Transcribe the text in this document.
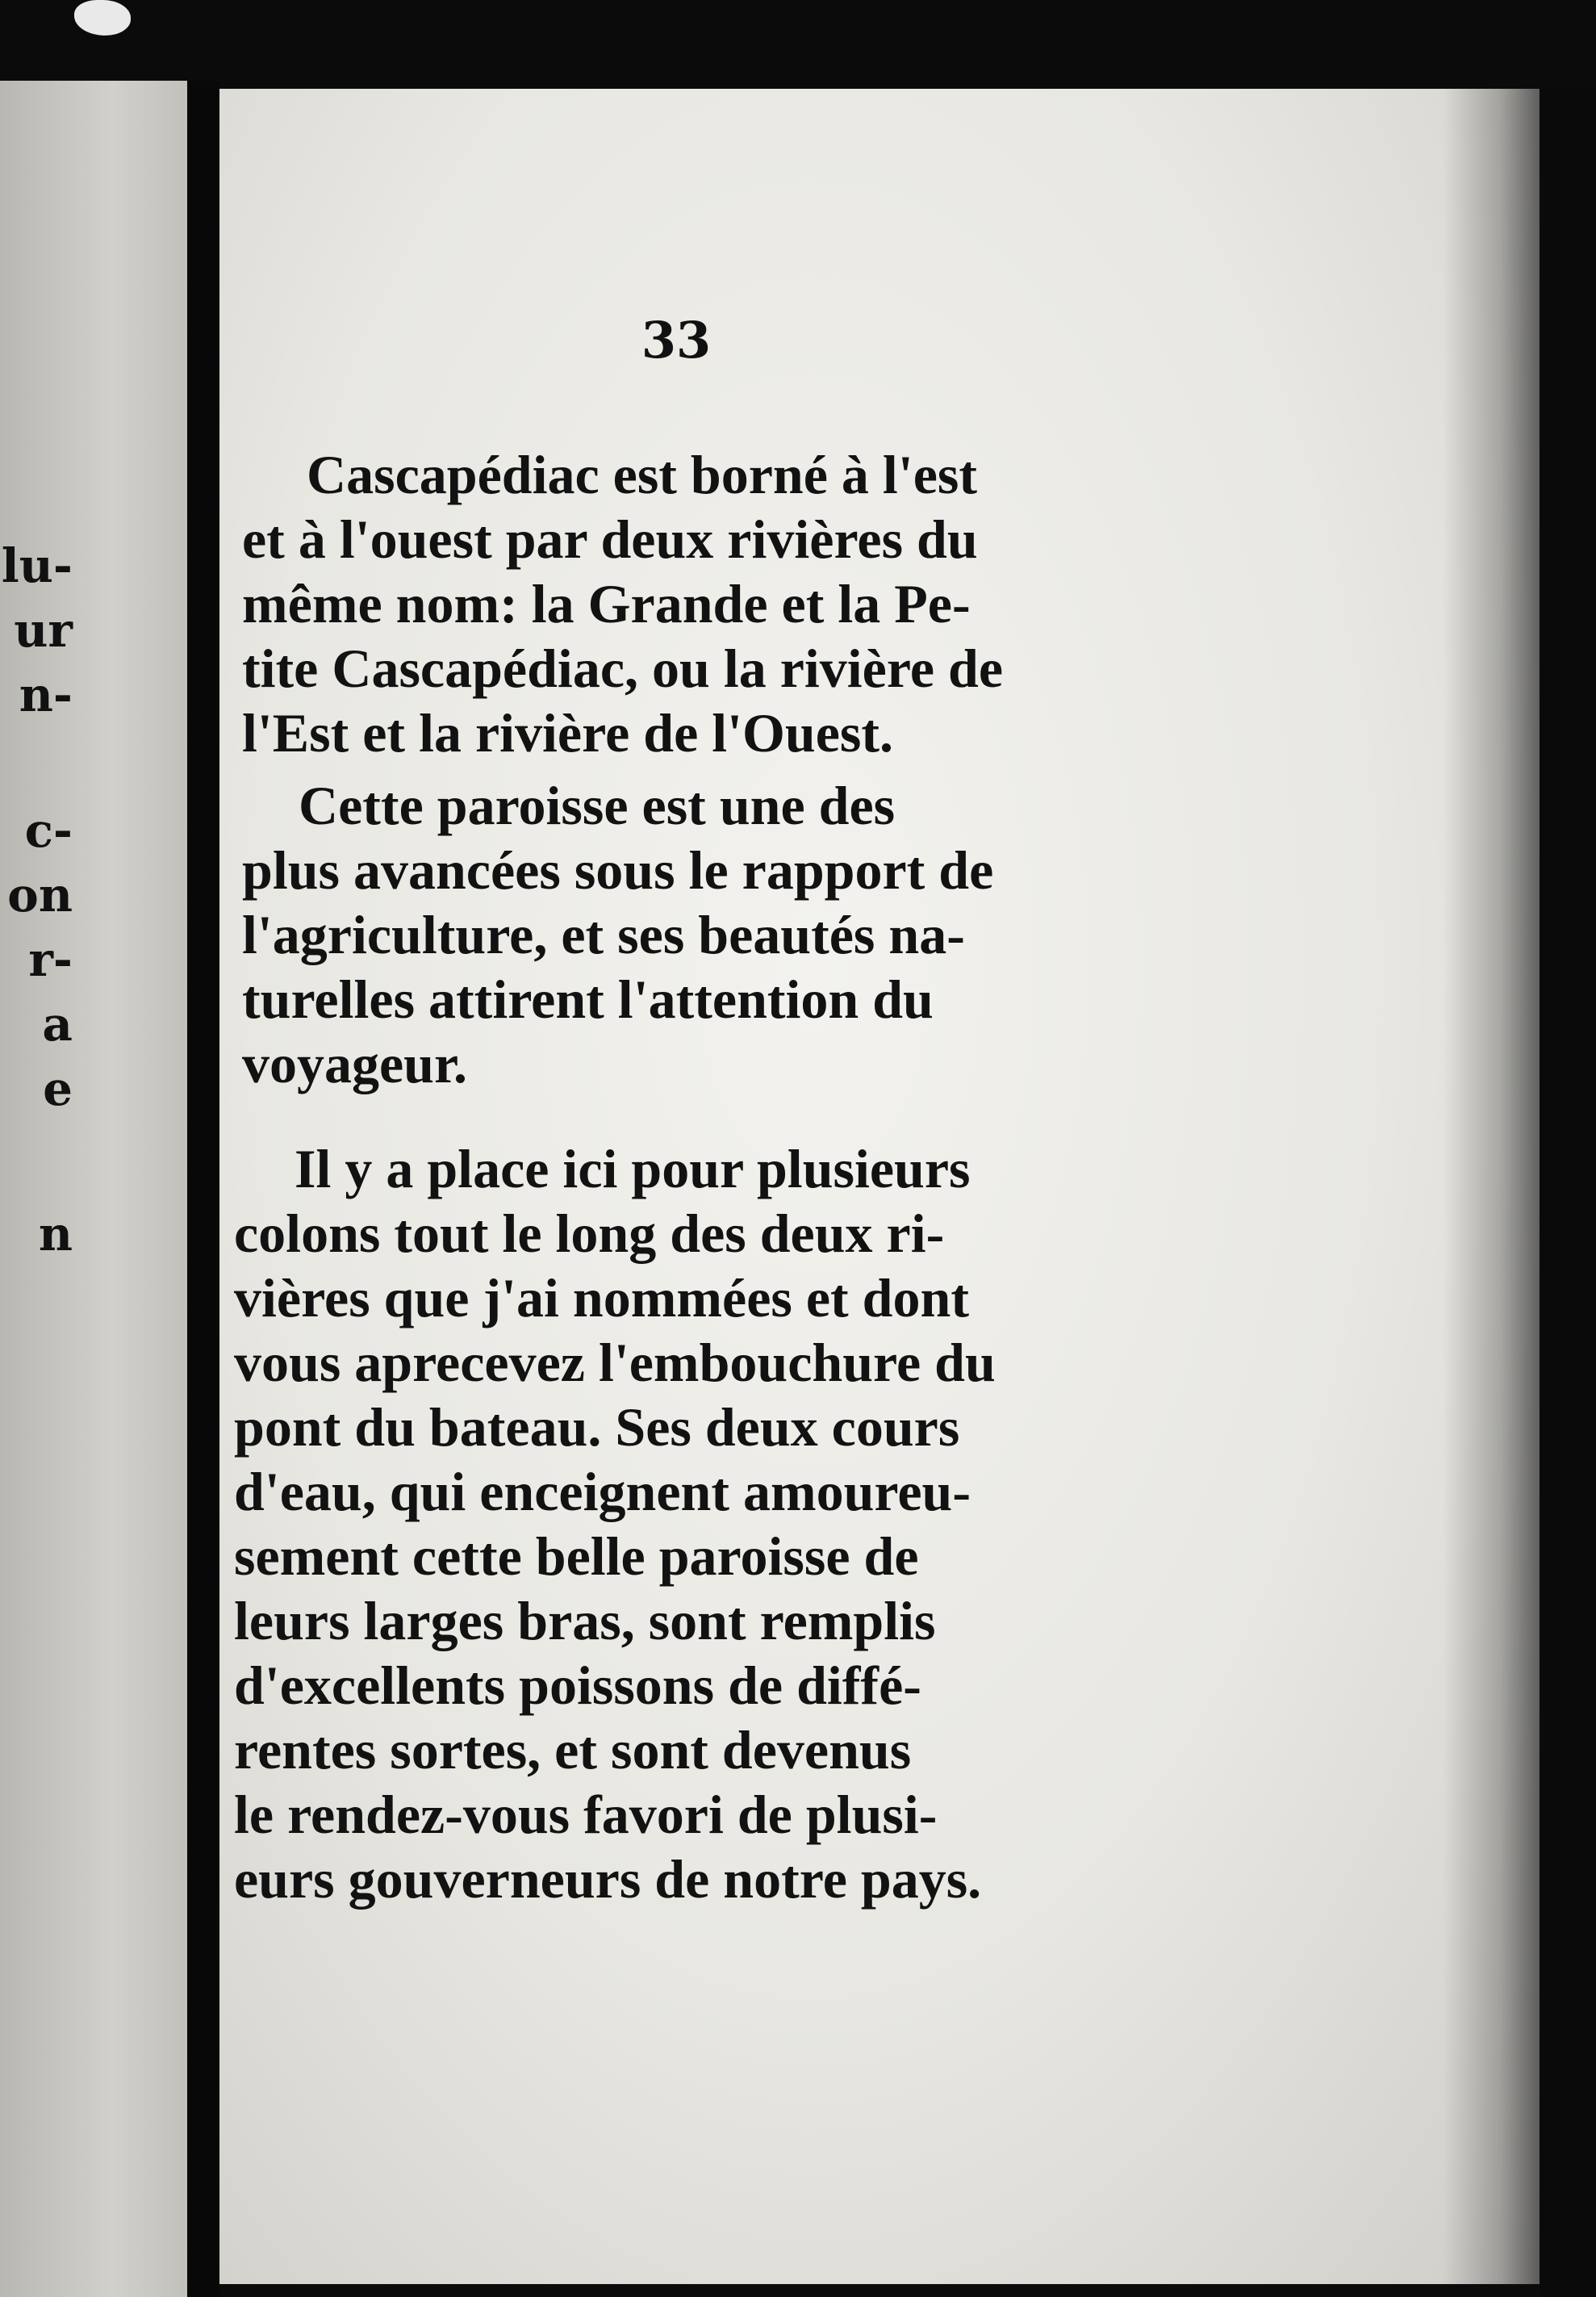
lu-
ur
n-
c-
on
r-
a
e
n
33

Cascapédiac est borné à l'est
et à l'ouest par deux rivières du
même nom: la Grande et la Pe-
tite Cascapédiac, ou la rivière de
l'Est et la rivière de l'Ouest.

Cette paroisse est une des
plus avancées sous le rapport de
l'agriculture, et ses beautés na-
turelles attirent l'attention du
voyageur.

Il y a place ici pour plusieurs
colons tout le long des deux ri-
vières que j'ai nommées et dont
vous aprecevez l'embouchure du
pont du bateau. Ses deux cours
d'eau, qui enceignent amoureu-
sement cette belle paroisse de
leurs larges bras, sont remplis
d'excellents poissons de diffé-
rentes sortes, et sont devenus
le rendez-vous favori de plusi-
eurs gouverneurs de notre pays.
